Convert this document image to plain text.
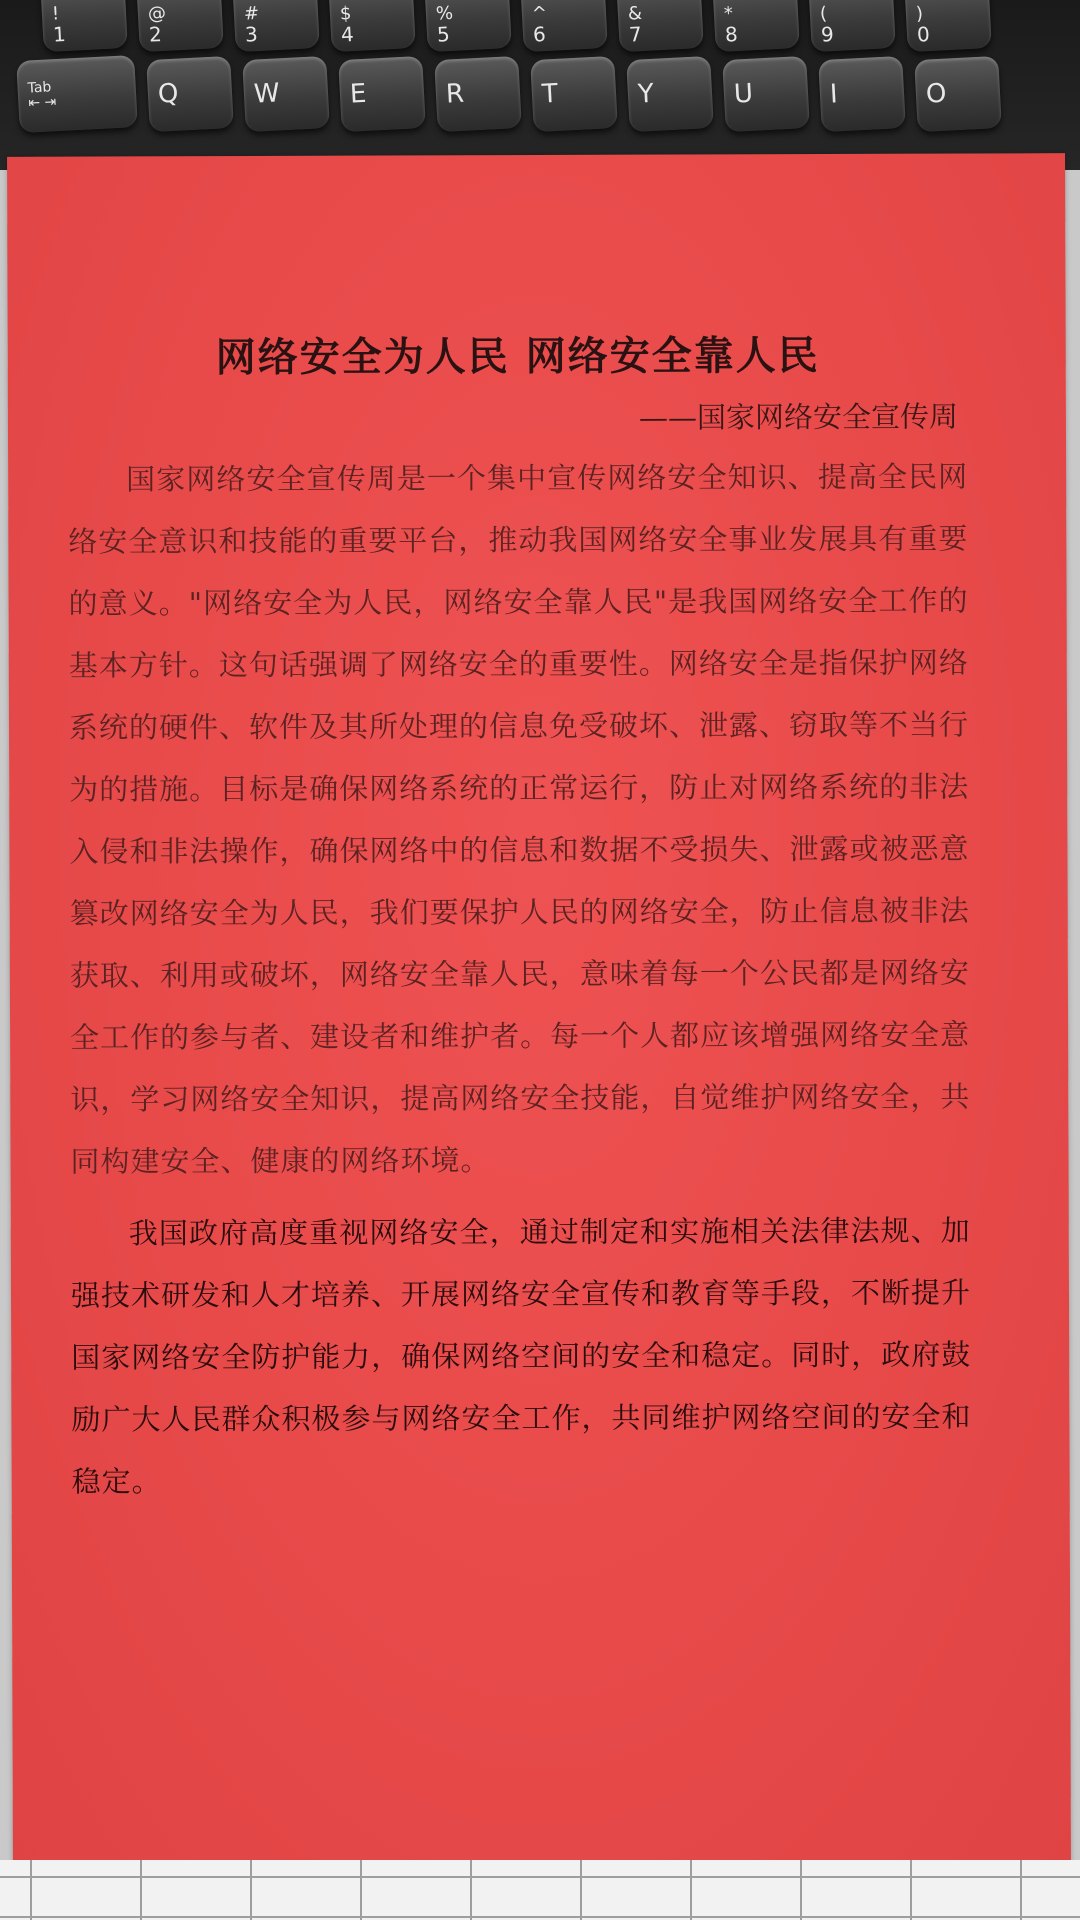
!
1
@
2
#
3
$
4
%
5
^
6
&
7
*
8
(
9
)
0
Tab
⇤ ⇥	Q	W	E	R	T	Y	U	I	O
网络安全为人民 网络安全靠人民
——国家网络安全宣传周

国家网络安全宣传周是一个集中宣传网络安全知识、提高全民网络安全意识和技能的重要平台，推动我国网络安全事业发展具有重要的意义。"网络安全为人民，网络安全靠人民"是我国网络安全工作的基本方针。这句话强调了网络安全的重要性。网络安全是指保护网络系统的硬件、软件及其所处理的信息免受破坏、泄露、窃取等不当行为的措施。目标是确保网络系统的正常运行，防止对网络系统的非法入侵和非法操作，确保网络中的信息和数据不受损失、泄露或被恶意篡改网络安全为人民，我们要保护人民的网络安全，防止信息被非法获取、利用或破坏，网络安全靠人民，意味着每一个公民都是网络安全工作的参与者、建设者和维护者。每一个人都应该增强网络安全意识，学习网络安全知识，提高网络安全技能，自觉维护网络安全，共同构建安全、健康的网络环境。

我国政府高度重视网络安全，通过制定和实施相关法律法规、加强技术研发和人才培养、开展网络安全宣传和教育等手段，不断提升国家网络安全防护能力，确保网络空间的安全和稳定。同时，政府鼓励广大人民群众积极参与网络安全工作，共同维护网络空间的安全和稳定。
